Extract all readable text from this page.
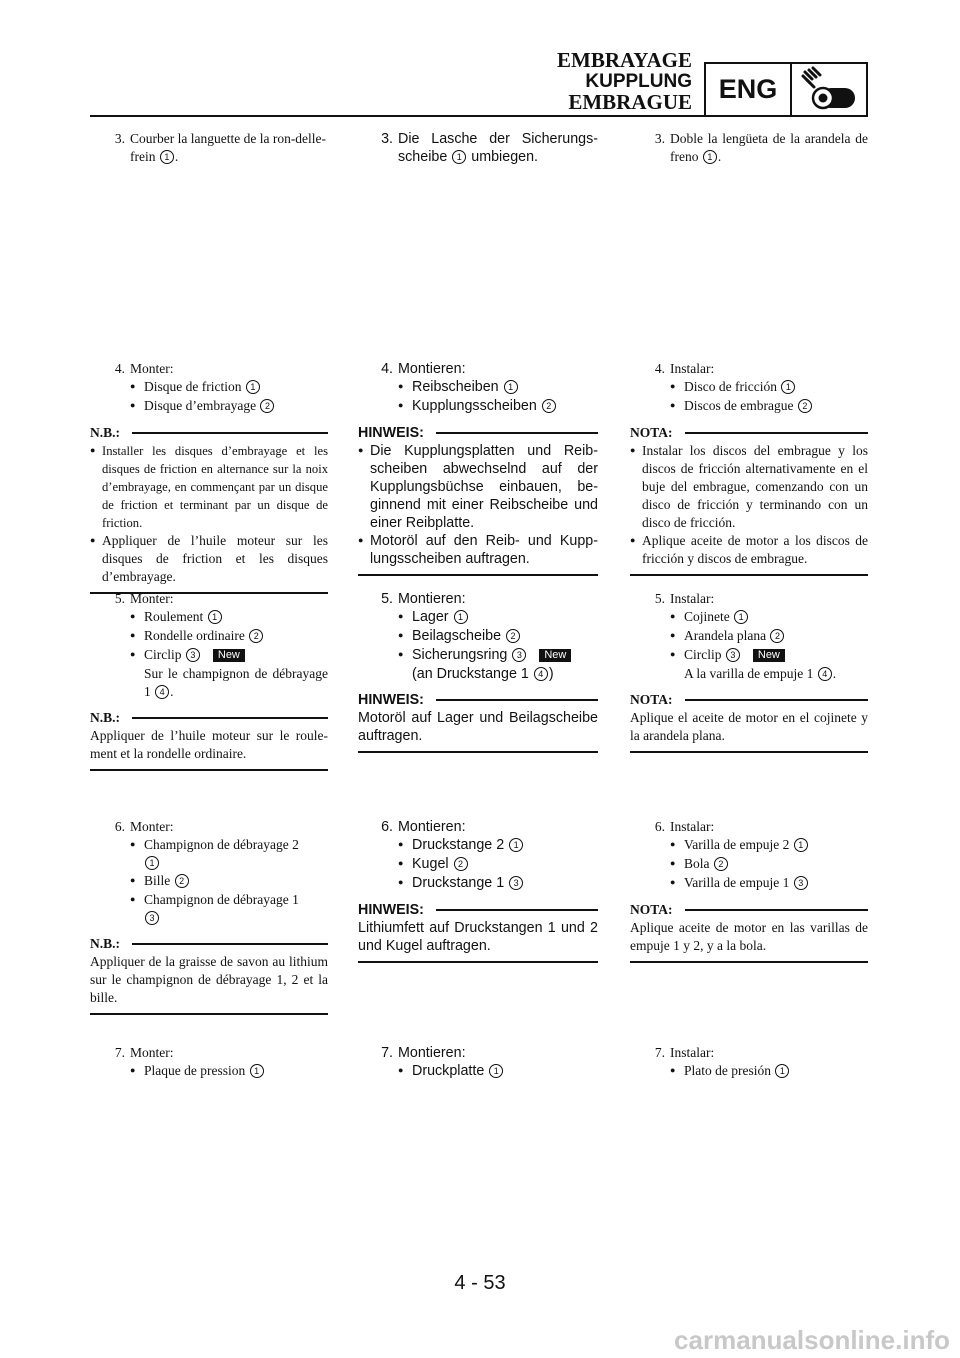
EMBRAYAGE
KUPPLUNG
EMBRAGUE ENG
3. Courber la languette de la ron-delle-frein 1 .
4. Monter:
●
Disque de friction 1
●
Disque d’embrayage 2
N.B.:
●
Installer les disques d’embrayage et les disques de friction en alternance sur la noix d’embrayage, en commençant par un disque de friction et terminant par un disque de friction.
●
Appliquer de l’huile moteur sur les disques de friction et les disques d’embrayage.
5. Monter:
●
Roulement 1
●
Rondelle ordinaire 2
●
Circlip 3 New
Sur le champignon de débrayage 1 4 .
N.B.:
Appliquer de l’huile moteur sur le roule-ment et la rondelle ordinaire.
6. Monter:
●
Champignon de débrayage 2
1
●
Bille 2
●
Champignon de débrayage 1
3
N.B.:
Appliquer de la graisse de savon au lithium sur le champignon de débrayage 1, 2 et la bille.
7. Monter:
●
Plaque de pression 1
3. Die Lasche der Sicherungs-scheibe 1 umbiegen.
4. Montieren:
●
Reibscheiben 1
●
Kupplungsscheiben 2
HINWEIS:
●
Die Kupplungsplatten und Reib-scheiben abwechselnd auf der Kupplungsbüchse einbauen, be-ginnend mit einer Reibscheibe und einer Reibplatte.
●
Motoröl auf den Reib- und Kupp-lungsscheiben auftragen.
5. Montieren:
●
Lager 1
●
Beilagscheibe 2
●
Sicherungsring 3 New
(an Druckstange 1 4 )
HINWEIS:
Motoröl auf Lager und Beilagscheibe auftragen.
6. Montieren:
●
Druckstange 2 1
●
Kugel 2
●
Druckstange 1 3
HINWEIS:
Lithiumfett auf Druckstangen 1 und 2 und Kugel auftragen.
7. Montieren:
●
Druckplatte 1
3. Doble la lengüeta de la arandela de freno 1 .
4. Instalar:
●
Disco de fricción 1
●
Discos de embrague 2
NOTA:
●
Instalar los discos del embrague y los discos de fricción alternativamente en el buje del embrague, comenzando con un disco de fricción y terminando con un disco de fricción.
●
Aplique aceite de motor a los discos de fricción y discos de embrague.
5. Instalar:
●
Cojinete 1
●
Arandela plana 2
●
Circlip 3 New
A la varilla de empuje 1 4 .
NOTA:
Aplique el aceite de motor en el cojinete y la arandela plana.
6. Instalar:
●
Varilla de empuje 2 1
●
Bola 2
●
Varilla de empuje 1 3
NOTA:
Aplique aceite de motor en las varillas de empuje 1 y 2, y a la bola.
7. Instalar:
●
Plato de presión 1
4 - 53
carmanualsonline.info
